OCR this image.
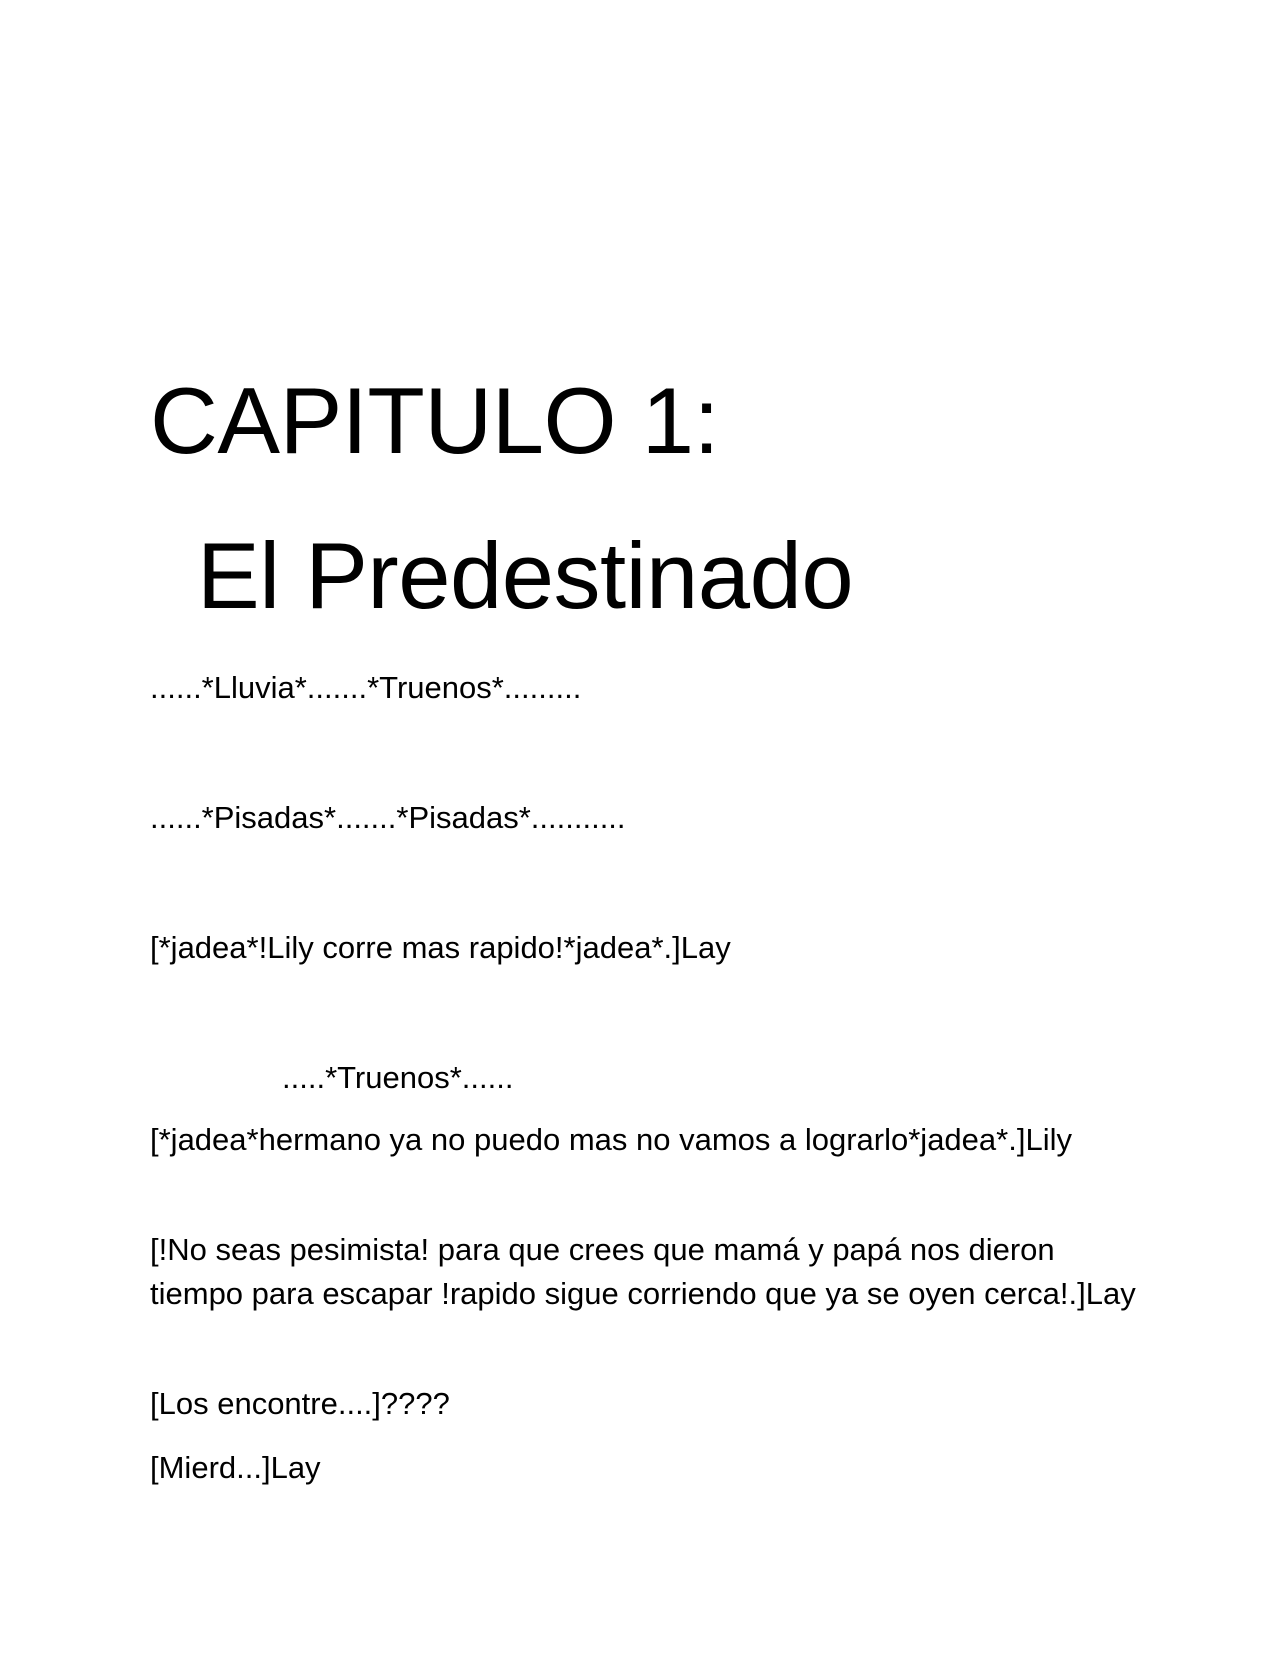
CAPITULO 1:
El Predestinado
......*Lluvia*.......*Truenos*.........
......*Pisadas*.......*Pisadas*...........
[*jadea*!Lily corre mas rapido!*jadea*.]Lay
.....*Truenos*......
[*jadea*hermano ya no puedo mas no vamos a lograrlo*jadea*.]Lily
[!No seas pesimista! para que crees que mamá y papá nos dieron tiempo para escapar !rapido sigue corriendo que ya se oyen cerca!.]Lay
[Los encontre....]????
[Mierd...]Lay
